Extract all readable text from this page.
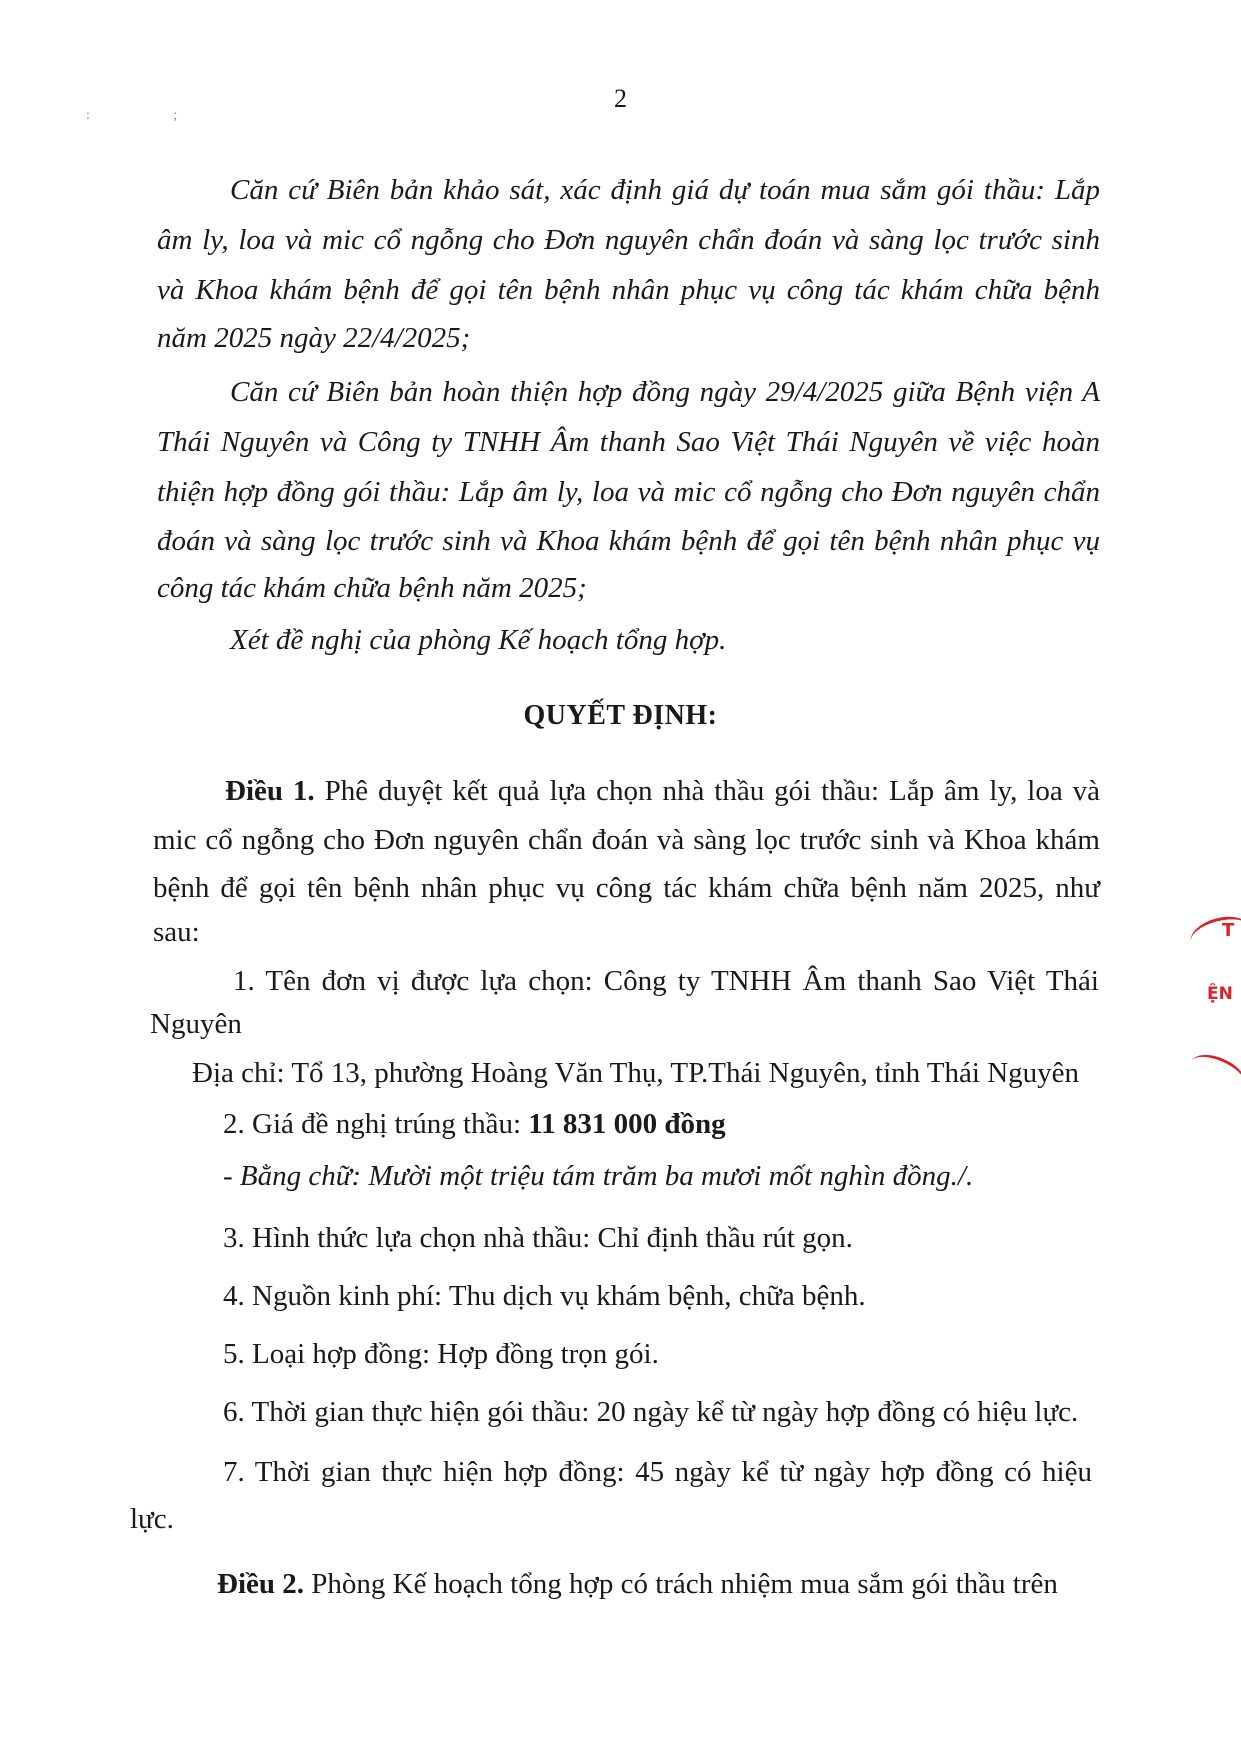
2
: ;
Căn cứ Biên bản khảo sát, xác định giá dự toán mua sắm gói thầu: Lắp
âm ly, loa và mic cổ ngỗng cho Đơn nguyên chẩn đoán và sàng lọc trước sinh
và Khoa khám bệnh để gọi tên bệnh nhân phục vụ công tác khám chữa bệnh
năm 2025 ngày 22/4/2025;
Căn cứ Biên bản hoàn thiện hợp đồng ngày 29/4/2025 giữa Bệnh viện A
Thái Nguyên và Công ty TNHH Âm thanh Sao Việt Thái Nguyên về việc hoàn
thiện hợp đồng gói thầu: Lắp âm ly, loa và mic cổ ngỗng cho Đơn nguyên chẩn
đoán và sàng lọc trước sinh và Khoa khám bệnh để gọi tên bệnh nhân phục vụ
công tác khám chữa bệnh năm 2025;
Xét đề nghị của phòng Kế hoạch tổng hợp.
QUYẾT ĐỊNH:
Điều 1. Phê duyệt kết quả lựa chọn nhà thầu gói thầu: Lắp âm ly, loa và
mic cổ ngỗng cho Đơn nguyên chẩn đoán và sàng lọc trước sinh và Khoa khám
bệnh để gọi tên bệnh nhân phục vụ công tác khám chữa bệnh năm 2025, như
sau:
1. Tên đơn vị được lựa chọn: Công ty TNHH Âm thanh Sao Việt Thái
Nguyên
Địa chỉ: Tổ 13, phường Hoàng Văn Thụ, TP.Thái Nguyên, tỉnh Thái Nguyên
2. Giá đề nghị trúng thầu: 11 831 000 đồng
- Bằng chữ: Mười một triệu tám trăm ba mươi mốt nghìn đồng./.
3. Hình thức lựa chọn nhà thầu: Chỉ định thầu rút gọn.
4. Nguồn kinh phí: Thu dịch vụ khám bệnh, chữa bệnh.
5. Loại hợp đồng: Hợp đồng trọn gói.
6. Thời gian thực hiện gói thầu: 20 ngày kể từ ngày hợp đồng có hiệu lực.
7. Thời gian thực hiện hợp đồng: 45 ngày kể từ ngày hợp đồng có hiệu
lực.
Điều 2. Phòng Kế hoạch tổng hợp có trách nhiệm mua sắm gói thầu trên
T
ỆN
